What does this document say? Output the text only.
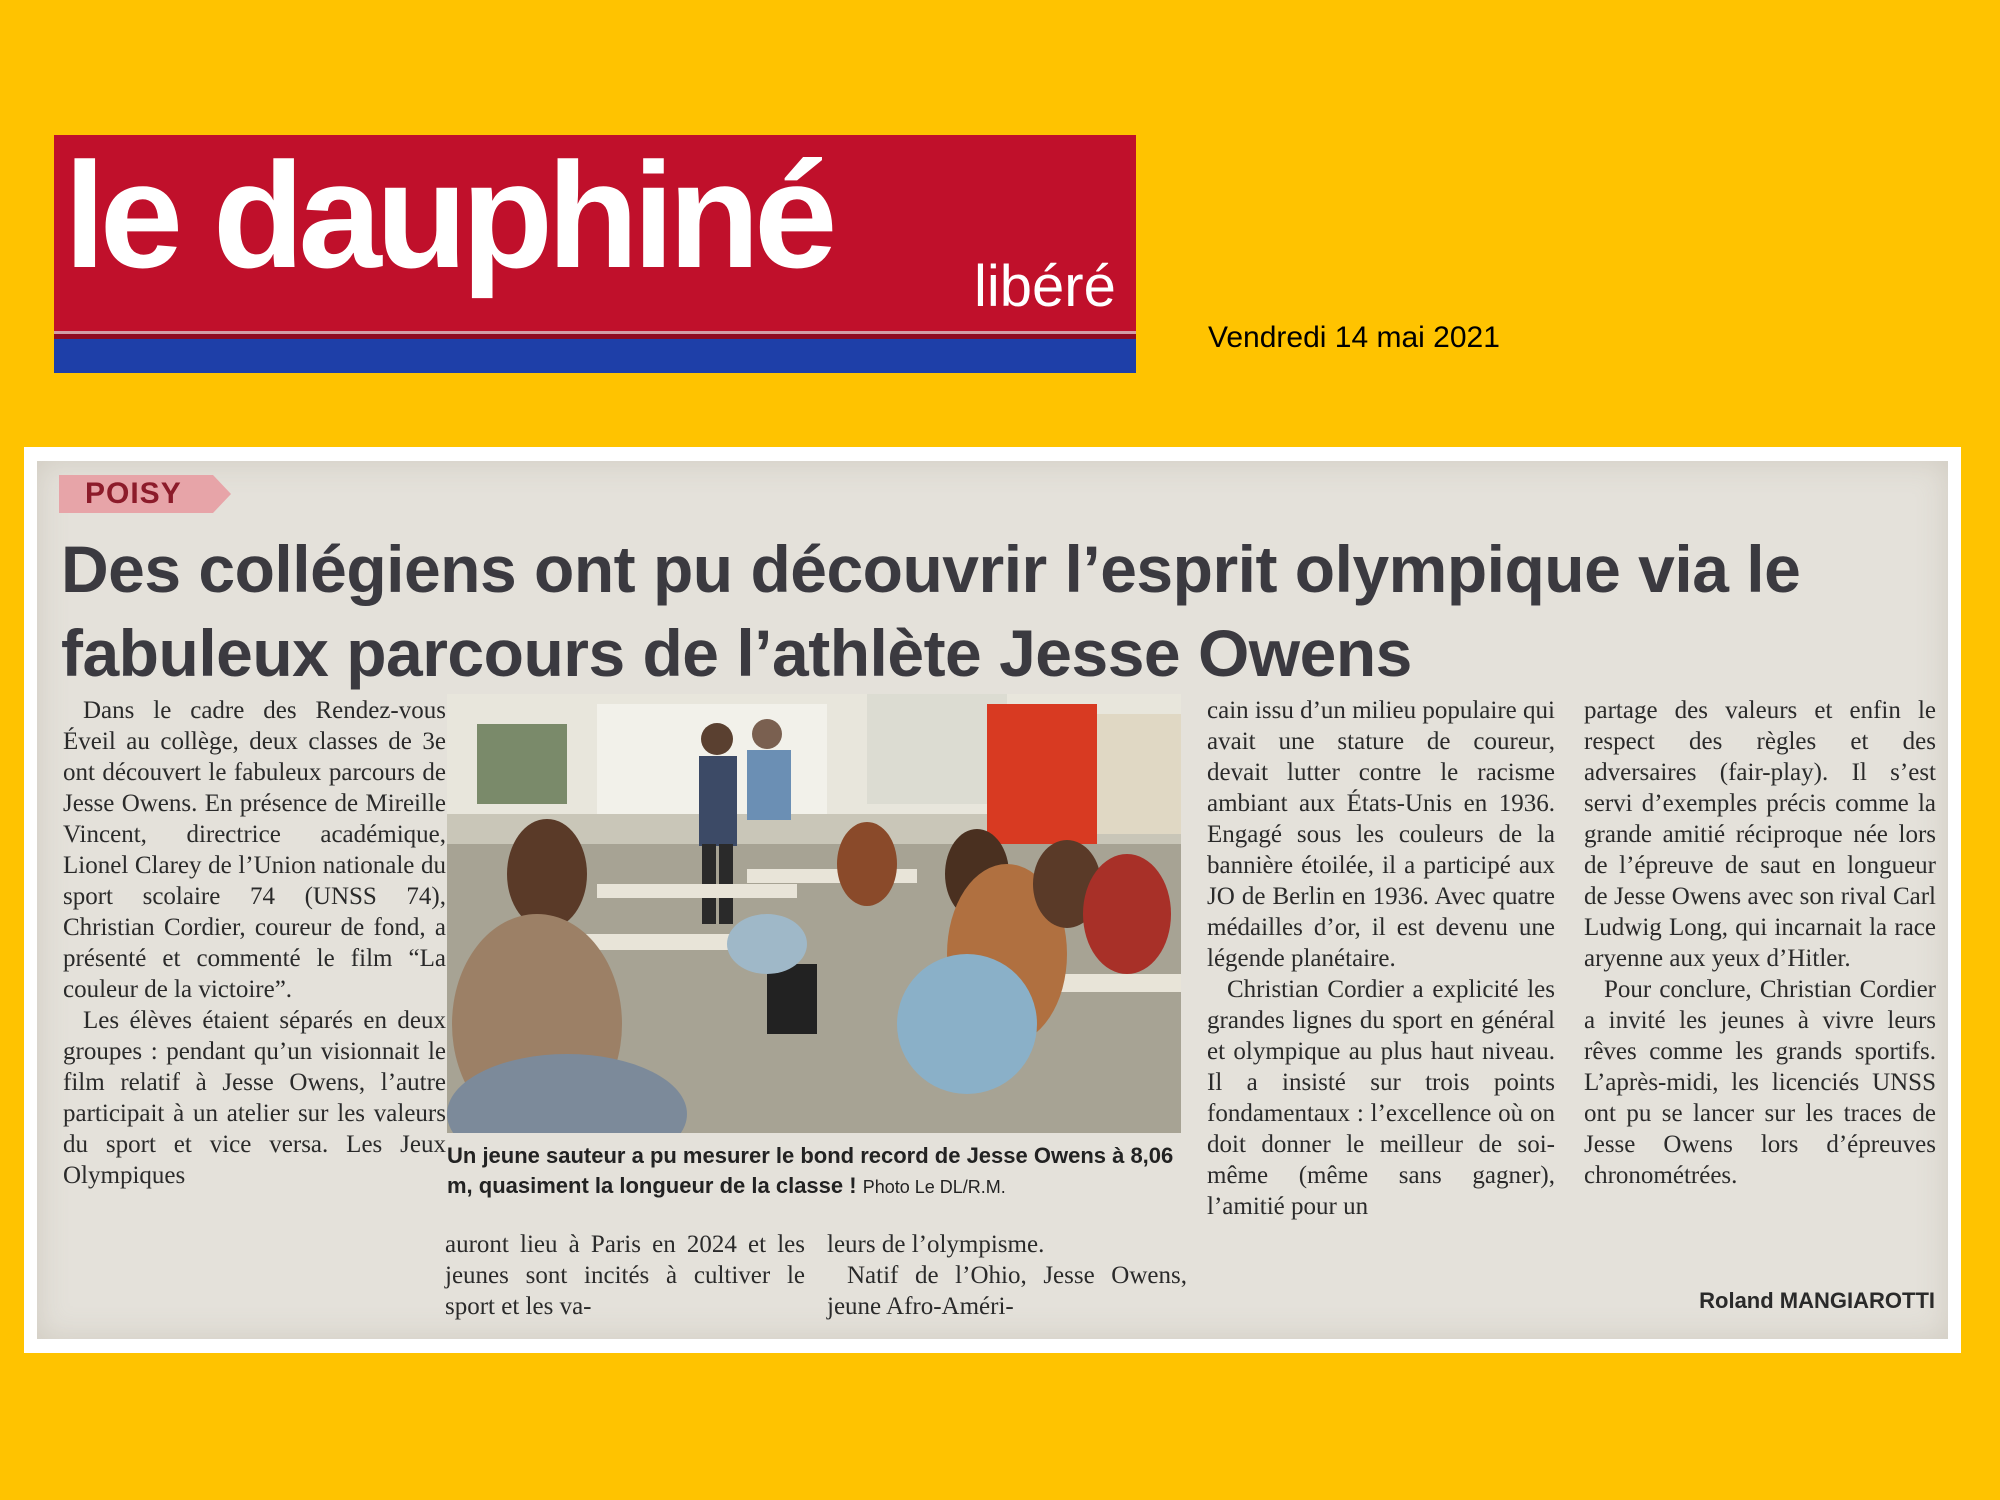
le dauphiné libéré
Vendredi 14 mai 2021
POISY
Des collégiens ont pu découvrir l’esprit olympique via le fabuleux parcours de l’athlète Jesse Owens

Dans le cadre des Rendez-vous Éveil au collège, deux classes de 3e ont découvert le fabuleux parcours de Jesse Owens. En présence de Mireille Vincent, directrice académique, Lionel Clarey de l’Union nationale du sport scolaire 74 (UNSS 74), Christian Cordier, coureur de fond, a présenté et commenté le film “La couleur de la victoire”.

Les élèves étaient séparés en deux groupes : pendant qu’un visionnait le film relatif à Jesse Owens, l’autre participait à un atelier sur les valeurs du sport et vice versa. Les Jeux Olympiques

Un jeune sauteur a pu mesurer le bond record de Jesse Owens à 8,06 m, quasiment la longueur de la classe ! Photo Le DL/R.M.

auront lieu à Paris en 2024 et les jeunes sont incités à cultiver le sport et les va-

leurs de l’olympisme.

Natif de l’Ohio, Jesse Owens, jeune Afro-Améri-

cain issu d’un milieu populaire qui avait une stature de coureur, devait lutter contre le racisme ambiant aux États-Unis en 1936. Engagé sous les couleurs de la bannière étoilée, il a participé aux JO de Berlin en 1936. Avec quatre médailles d’or, il est devenu une légende planétaire.

Christian Cordier a explicité les grandes lignes du sport en général et olympique au plus haut niveau. Il a insisté sur trois points fondamentaux : l’excellence où on doit donner le meilleur de soi-même (même sans gagner), l’amitié pour un

partage des valeurs et enfin le respect des règles et des adversaires (fair-play). Il s’est servi d’exemples précis comme la grande amitié réciproque née lors de l’épreuve de saut en longueur de Jesse Owens avec son rival Carl Ludwig Long, qui incarnait la race aryenne aux yeux d’Hitler.

Pour conclure, Christian Cordier a invité les jeunes à vivre leurs rêves comme les grands sportifs. L’après-midi, les licenciés UNSS ont pu se lancer sur les traces de Jesse Owens lors d’épreuves chronométrées.

Roland MANGIAROTTI
